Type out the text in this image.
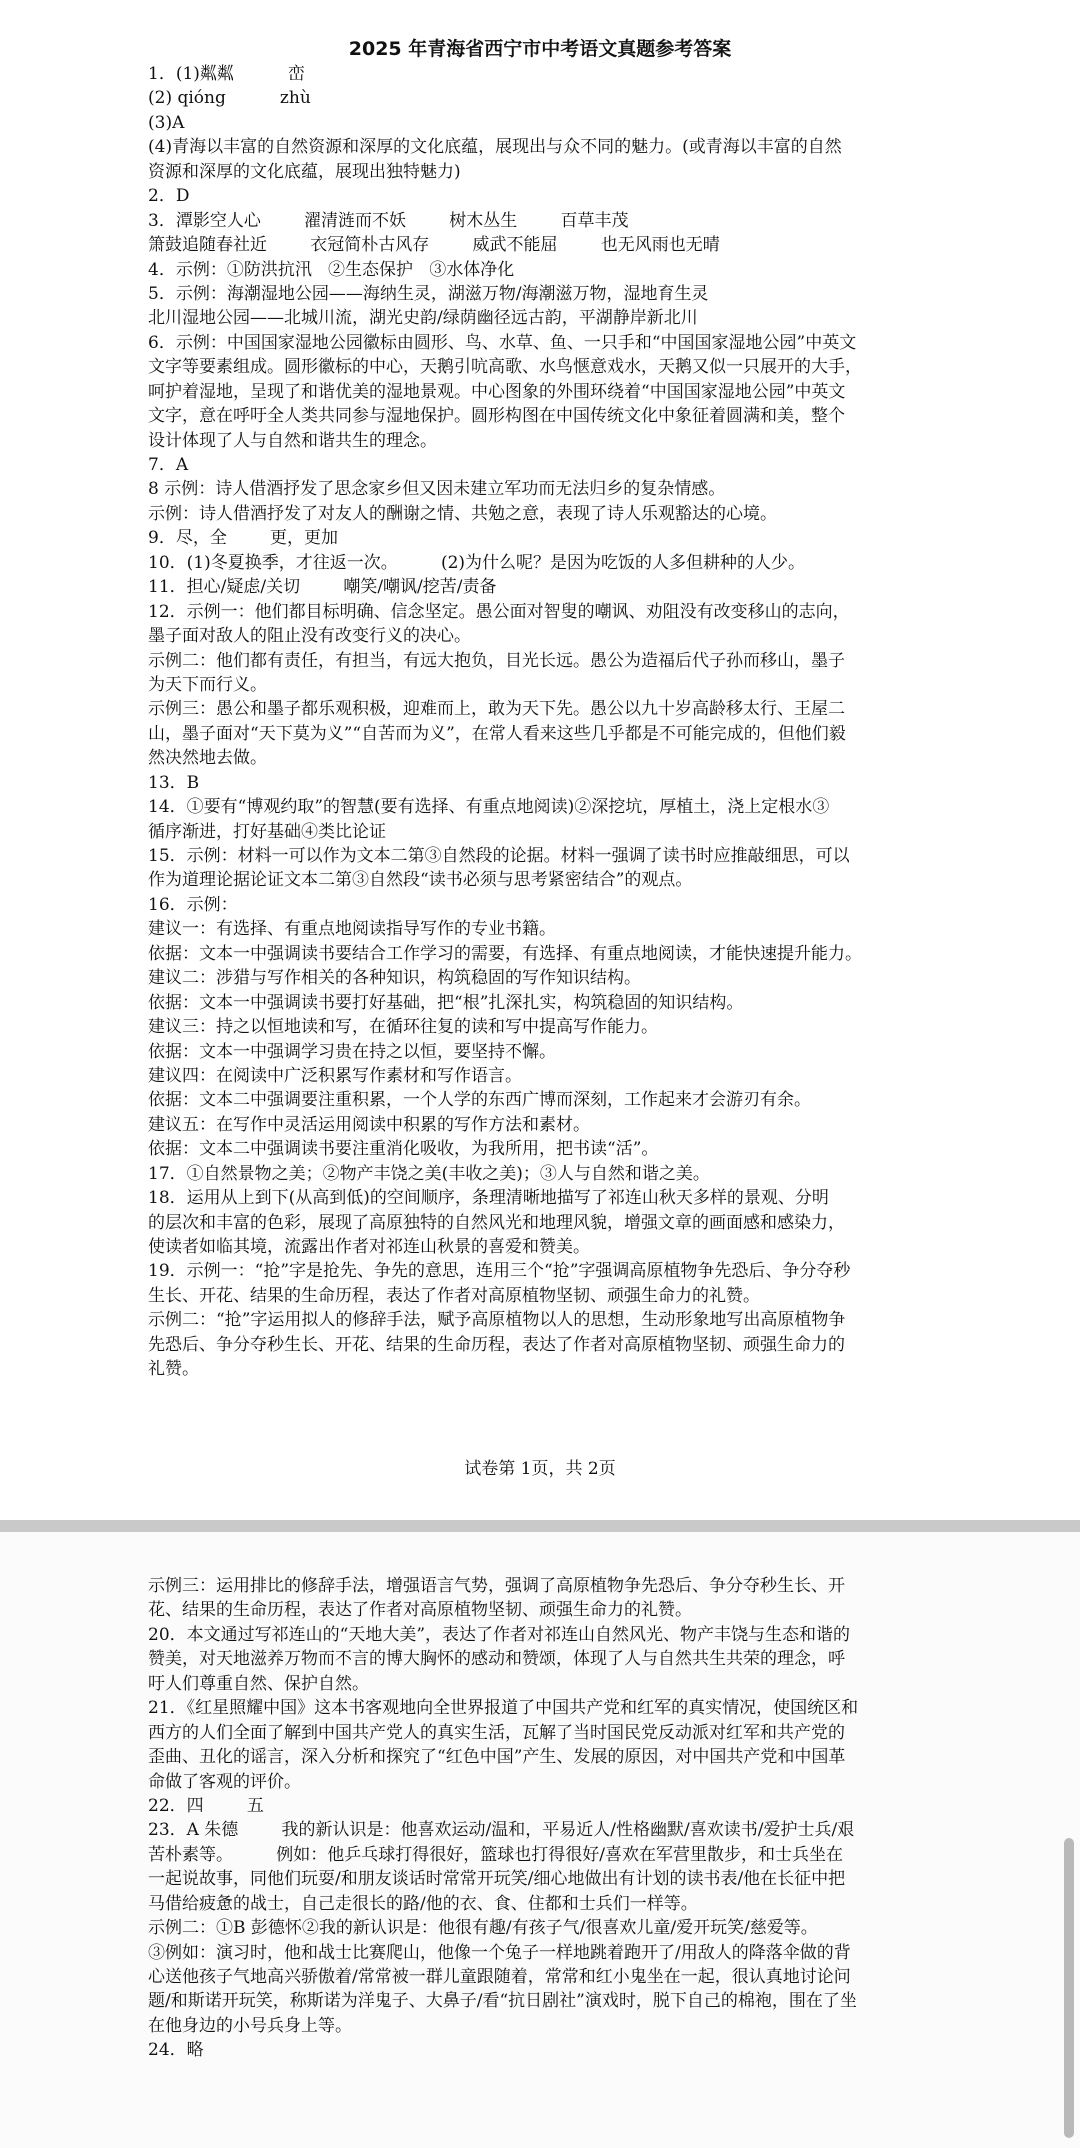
2025 年青海省西宁市中考语文真题参考答案
1．(1)粼粼          峦
(2) qióng          zhù
(3)A
(4)青海以丰富的自然资源和深厚的文化底蕴，展现出与众不同的魅力。(或青海以丰富的自然
资源和深厚的文化底蕴，展现出独特魅力)
2．D
3．潭影空人心        濯清涟而不妖        树木丛生        百草丰茂
箫鼓追随春社近        衣冠简朴古风存        威武不能屈        也无风雨也无晴
4．示例：①防洪抗汛   ②生态保护   ③水体净化
5．示例：海潮湿地公园——海纳生灵，湖滋万物/海潮滋万物，湿地育生灵
北川湿地公园——北城川流，湖光史韵/绿荫幽径远古韵，平湖静岸新北川
6．示例：中国国家湿地公园徽标由圆形、鸟、水草、鱼、一只手和“中国国家湿地公园”中英文
文字等要素组成。圆形徽标的中心，天鹅引吭高歌、水鸟惬意戏水，天鹅又似一只展开的大手，
呵护着湿地，呈现了和谐优美的湿地景观。中心图象的外围环绕着“中国国家湿地公园”中英文
文字，意在呼吁全人类共同参与湿地保护。圆形构图在中国传统文化中象征着圆满和美，整个
设计体现了人与自然和谐共生的理念。
7．A
8 示例：诗人借酒抒发了思念家乡但又因未建立军功而无法归乡的复杂情感。
示例：诗人借酒抒发了对友人的酬谢之情、共勉之意，表现了诗人乐观豁达的心境。
9．尽，全        更，更加
10．(1)冬夏换季，才往返一次。        (2)为什么呢？是因为吃饭的人多但耕种的人少。
11．担心/疑虑/关切        嘲笑/嘲讽/挖苦/责备
12．示例一：他们都目标明确、信念坚定。愚公面对智叟的嘲讽、劝阻没有改变移山的志向，
墨子面对敌人的阻止没有改变行义的决心。
示例二：他们都有责任，有担当，有远大抱负，目光长远。愚公为造福后代子孙而移山，墨子
为天下而行义。
示例三：愚公和墨子都乐观积极，迎难而上，敢为天下先。愚公以九十岁高龄移太行、王屋二
山，墨子面对“天下莫为义”“自苦而为义”，在常人看来这些几乎都是不可能完成的，但他们毅
然决然地去做。
13．B
14．①要有“博观约取”的智慧(要有选择、有重点地阅读)②深挖坑，厚植土，浇上定根水③
循序渐进，打好基础④类比论证
15．示例：材料一可以作为文本二第③自然段的论据。材料一强调了读书时应推敲细思，可以
作为道理论据论证文本二第③自然段“读书必须与思考紧密结合”的观点。
16．示例：
建议一：有选择、有重点地阅读指导写作的专业书籍。
依据：文本一中强调读书要结合工作学习的需要，有选择、有重点地阅读，才能快速提升能力。
建议二：涉猎与写作相关的各种知识，构筑稳固的写作知识结构。
依据：文本一中强调读书要打好基础，把“根”扎深扎实，构筑稳固的知识结构。
建议三：持之以恒地读和写，在循环往复的读和写中提高写作能力。
依据：文本一中强调学习贵在持之以恒，要坚持不懈。
建议四：在阅读中广泛积累写作素材和写作语言。
依据：文本二中强调要注重积累，一个人学的东西广博而深刻，工作起来才会游刃有余。
建议五：在写作中灵活运用阅读中积累的写作方法和素材。
依据：文本二中强调读书要注重消化吸收，为我所用，把书读“活”。
17．①自然景物之美；②物产丰饶之美(丰收之美)；③人与自然和谐之美。
18．运用从上到下(从高到低)的空间顺序，条理清晰地描写了祁连山秋天多样的景观、分明
的层次和丰富的色彩，展现了高原独特的自然风光和地理风貌，增强文章的画面感和感染力，
使读者如临其境，流露出作者对祁连山秋景的喜爱和赞美。
19．示例一：“抢”字是抢先、争先的意思，连用三个“抢”字强调高原植物争先恐后、争分夺秒
生长、开花、结果的生命历程，表达了作者对高原植物坚韧、顽强生命力的礼赞。
示例二：“抢”字运用拟人的修辞手法，赋予高原植物以人的思想，生动形象地写出高原植物争
先恐后、争分夺秒生长、开花、结果的生命历程，表达了作者对高原植物坚韧、顽强生命力的
礼赞。
试卷第 1页，共 2页
示例三：运用排比的修辞手法，增强语言气势，强调了高原植物争先恐后、争分夺秒生长、开
花、结果的生命历程，表达了作者对高原植物坚韧、顽强生命力的礼赞。
20．本文通过写祁连山的“天地大美”，表达了作者对祁连山自然风光、物产丰饶与生态和谐的
赞美，对天地滋养万物而不言的博大胸怀的感动和赞颂，体现了人与自然共生共荣的理念，呼
吁人们尊重自然、保护自然。
21．《红星照耀中国》这本书客观地向全世界报道了中国共产党和红军的真实情况，使国统区和
西方的人们全面了解到中国共产党人的真实生活，瓦解了当时国民党反动派对红军和共产党的
歪曲、丑化的谣言，深入分析和探究了“红色中国”产生、发展的原因，对中国共产党和中国革
命做了客观的评价。
22．四        五
23．A 朱德        我的新认识是：他喜欢运动/温和，平易近人/性格幽默/喜欢读书/爱护士兵/艰
苦朴素等。        例如：他乒乓球打得很好，篮球也打得很好/喜欢在军营里散步，和士兵坐在
一起说故事，同他们玩耍/和朋友谈话时常常开玩笑/细心地做出有计划的读书表/他在长征中把
马借给疲惫的战士，自己走很长的路/他的衣、食、住都和士兵们一样等。
示例二：①B 彭德怀②我的新认识是：他很有趣/有孩子气/很喜欢儿童/爱开玩笑/慈爱等。
③例如：演习时，他和战士比赛爬山，他像一个兔子一样地跳着跑开了/用敌人的降落伞做的背
心送他孩子气地高兴骄傲着/常常被一群儿童跟随着，常常和红小鬼坐在一起，很认真地讨论问
题/和斯诺开玩笑，称斯诺为洋鬼子、大鼻子/看“抗日剧社”演戏时，脱下自己的棉袍，围在了坐
在他身边的小号兵身上等。
24．略
